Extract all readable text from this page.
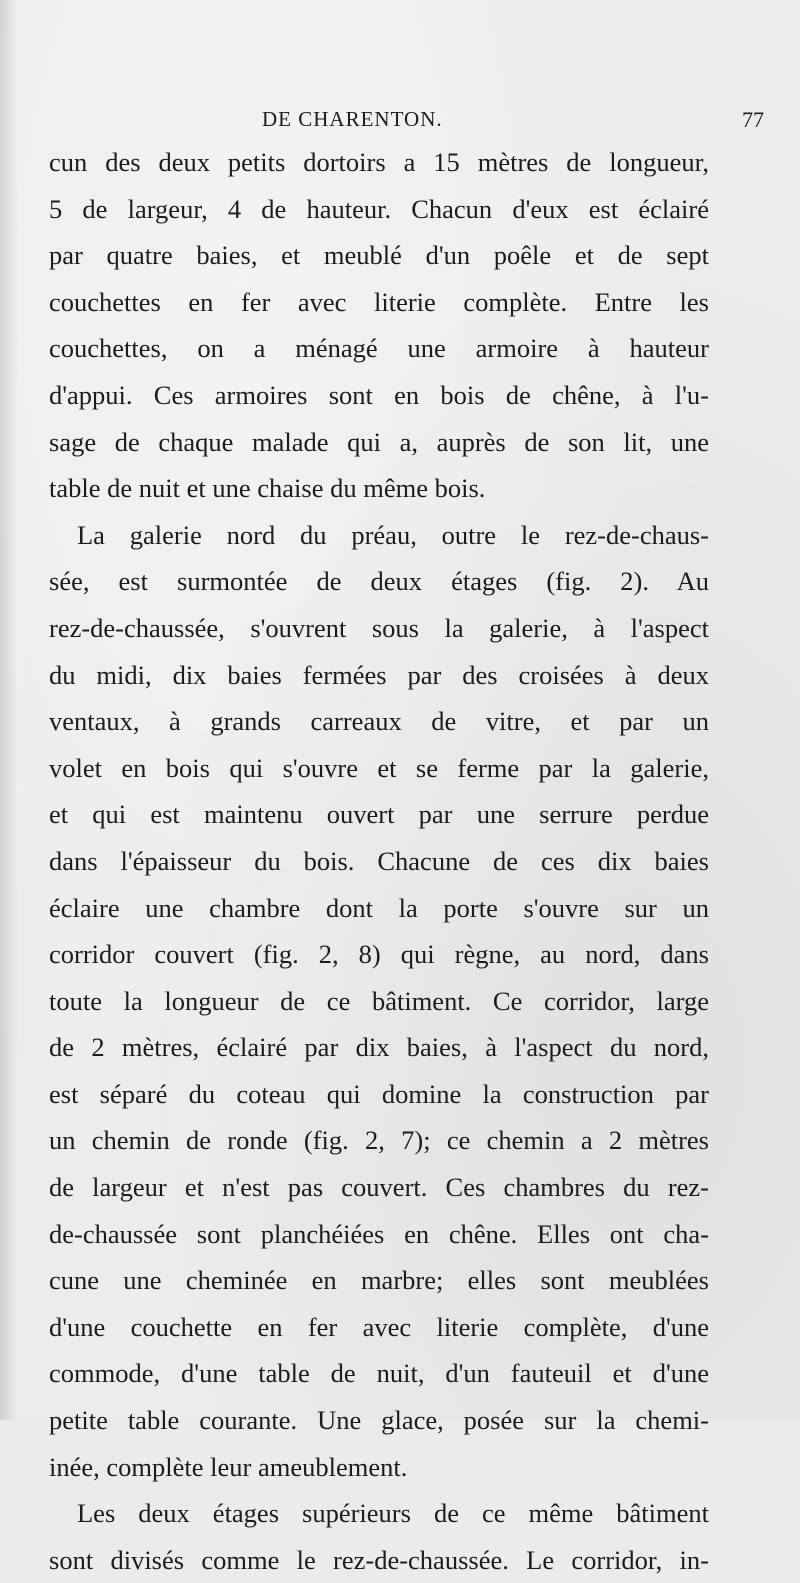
DE CHARENTON.	77
cun des deux petits dortoirs a 15 mètres de longueur,
5 de largeur, 4 de hauteur. Chacun d'eux est éclairé
par quatre baies, et meublé d'un poêle et de sept
couchettes en fer avec literie complète. Entre les
couchettes, on a ménagé une armoire à hauteur
d'appui. Ces armoires sont en bois de chêne, à l'u-
sage de chaque malade qui a, auprès de son lit, une
table de nuit et une chaise du même bois.
La galerie nord du préau, outre le rez-de-chaus-
sée, est surmontée de deux étages (fig. 2). Au
rez-de-chaussée, s'ouvrent sous la galerie, à l'aspect
du midi, dix baies fermées par des croisées à deux
ventaux, à grands carreaux de vitre, et par un
volet en bois qui s'ouvre et se ferme par la galerie,
et qui est maintenu ouvert par une serrure perdue
dans l'épaisseur du bois. Chacune de ces dix baies
éclaire une chambre dont la porte s'ouvre sur un
corridor couvert (fig. 2, 8) qui règne, au nord, dans
toute la longueur de ce bâtiment. Ce corridor, large
de 2 mètres, éclairé par dix baies, à l'aspect du nord,
est séparé du coteau qui domine la construction par
un chemin de ronde (fig. 2, 7); ce chemin a 2 mètres
de largeur et n'est pas couvert. Ces chambres du rez-
de-chaussée sont planchéiées en chêne. Elles ont cha-
cune une cheminée en marbre; elles sont meublées
d'une couchette en fer avec literie complète, d'une
commode, d'une table de nuit, d'un fauteuil et d'une
petite table courante. Une glace, posée sur la chemi-
inée, complète leur ameublement.
Les deux étages supérieurs de ce même bâtiment
sont divisés comme le rez-de-chaussée. Le corridor, in-
